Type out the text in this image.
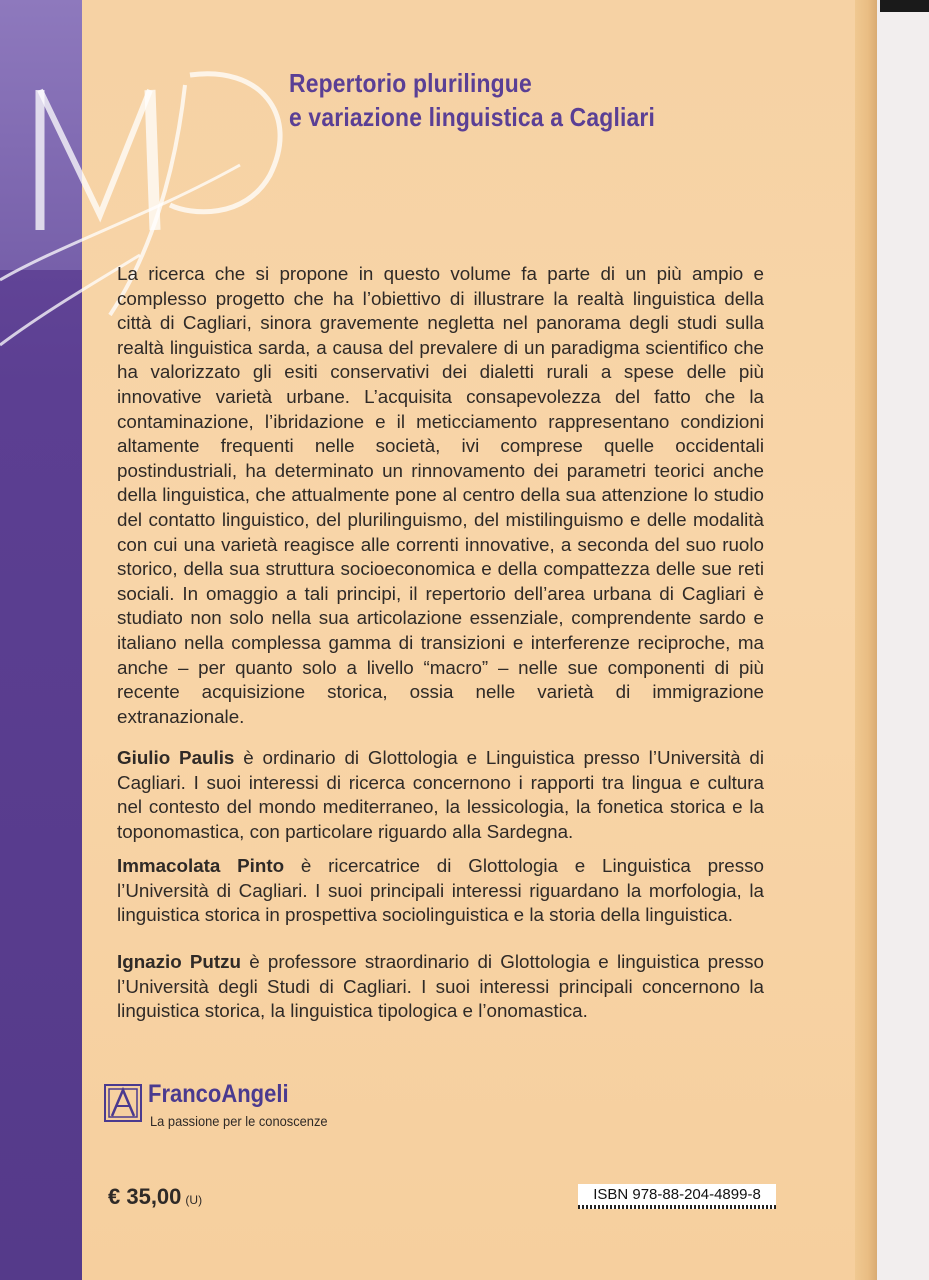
Repertorio plurilingue
e variazione linguistica a Cagliari

La ricerca che si propone in questo volume fa parte di un più ampio e complesso progetto che ha l’obiettivo di illustrare la realtà linguistica della città di Cagliari, sinora gravemente negletta nel panorama degli studi sulla realtà linguistica sarda, a causa del prevalere di un paradigma scientifico che ha valorizzato gli esiti conservativi dei dialetti rurali a spese delle più innovative varietà urbane. L’acquisita consapevolezza del fatto che la contaminazione, l’ibridazione e il meticciamento rappresentano condizioni altamente frequenti nelle società, ivi comprese quelle occidentali postindustriali, ha determinato un rinnovamento dei parametri teorici anche della linguistica, che attualmente pone al centro della sua attenzione lo studio del contatto linguistico, del plurilinguismo, del mistilinguismo e delle modalità con cui una varietà reagisce alle correnti innovative, a seconda del suo ruolo storico, della sua struttura socioeconomica e della compattezza delle sue reti sociali. In omaggio a tali principi, il repertorio dell’area urbana di Cagliari è studiato non solo nella sua articolazione essenziale, comprendente sardo e italiano nella complessa gamma di transizioni e interferenze reciproche, ma anche – per quanto solo a livello “macro” – nelle sue componenti di più recente acquisizione storica, ossia nelle varietà di immigrazione extranazionale.

Giulio Paulis è ordinario di Glottologia e Linguistica presso l’Università di Cagliari. I suoi interessi di ricerca concernono i rapporti tra lingua e cultura nel contesto del mondo mediterraneo, la lessicologia, la fonetica storica e la toponomastica, con particolare riguardo alla Sardegna.

Immacolata Pinto è ricercatrice di Glottologia e Linguistica presso l’Università di Cagliari. I suoi principali interessi riguardano la morfologia, la linguistica storica in prospettiva sociolinguistica e la storia della linguistica.

Ignazio Putzu è professore straordinario di Glottologia e linguistica presso l’Università degli Studi di Cagliari. I suoi interessi principali concernono la linguistica storica, la linguistica tipologica e l’onomastica.

FrancoAngeli
La passione per le conoscenze
€ 35,00 (U)	ISBN 978-88-204-4899-8
